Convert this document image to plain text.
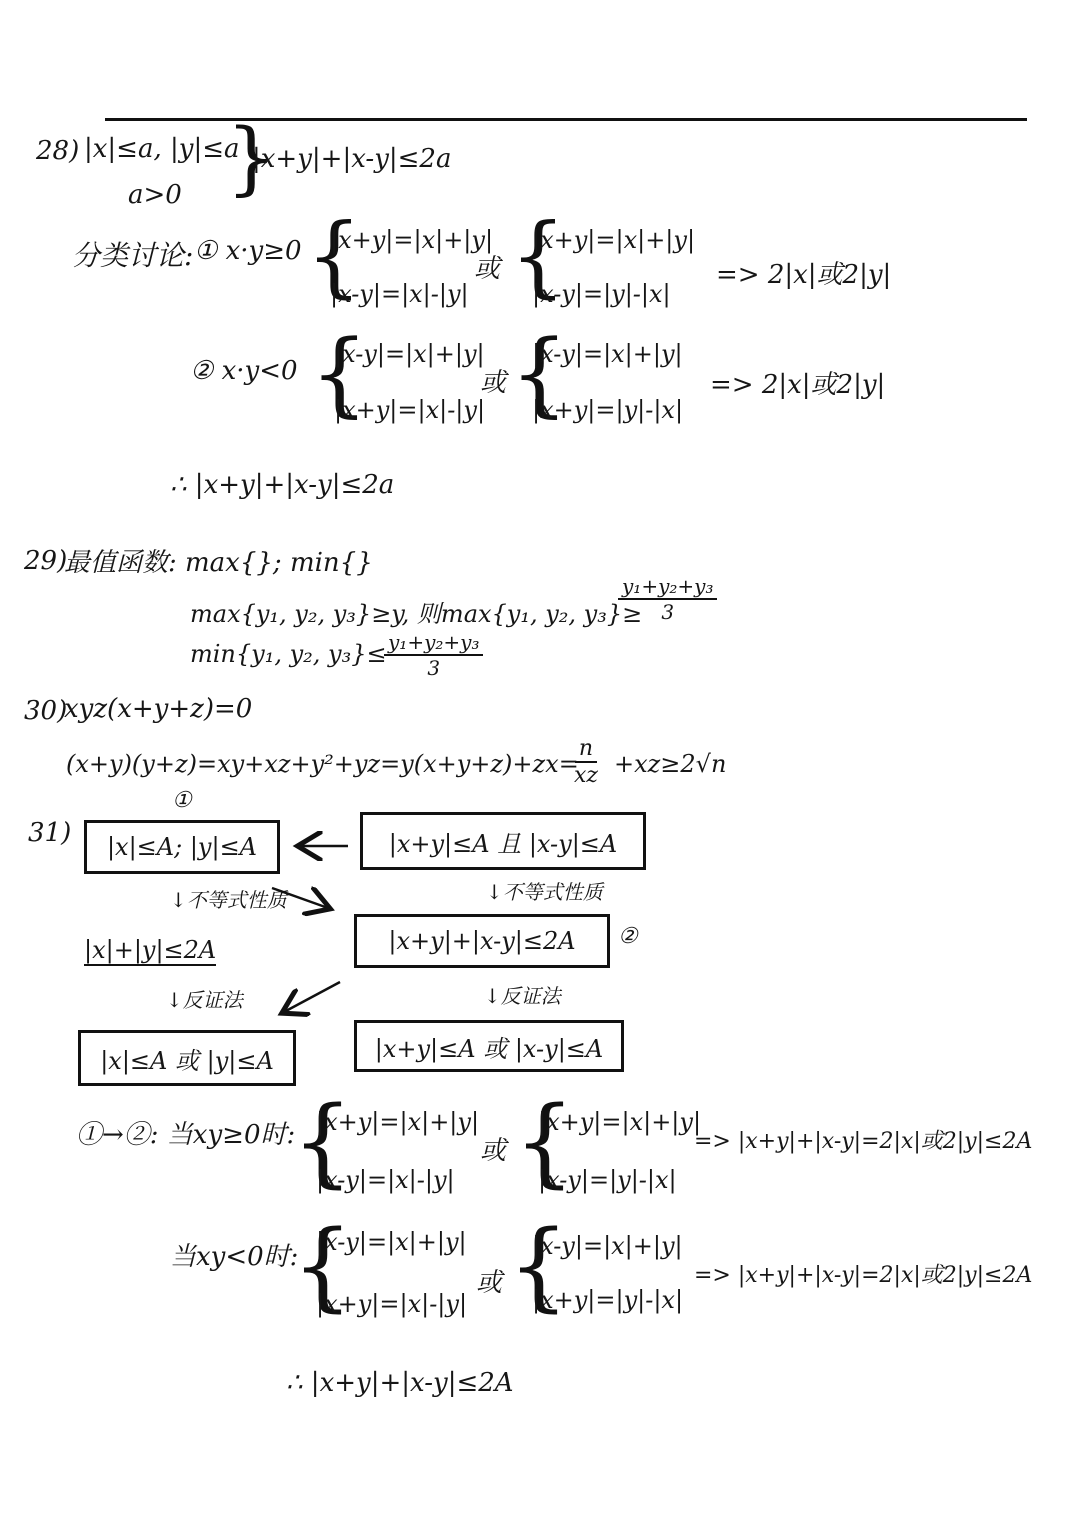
28) |x|≤a, |y|≤a
a>0 }
|x+y|+|x-y|≤2a
分类讨论: ① x·y≥0 {
|x+y|=|x|+|y|
|x-y|=|x|-|y|
或 {
|x+y|=|x|+|y|
|x-y|=|y|-|x|
=> 2|x|或2|y|
② x·y<0 {
|x-y|=|x|+|y|
|x+y|=|x|-|y|
或 {
|x-y|=|x|+|y|
|x+y|=|y|-|x|
=> 2|x|或2|y|
∴ |x+y|+|x-y|≤2a
29)
最值函数: max{}; min{}
max{y₁, y₂, y₃}≥y, 则max{y₁, y₂, y₃}≥
$\frac{\text{y₁+y₂+y₃}}{3}$
min{y₁, y₂, y₃}≤
$\frac{\text{y₁+y₂+y₃}}{3}$
30)
xyz(x+y+z)=0
(x+y)(y+z)=xy+xz+y²+yz=y(x+y+z)+zx=
$\frac{n}{xz} +xz\ge 2√n$
31)
①
|x|≤A; |y|≤A	|x+y|≤A 且 |x-y|≤A
↓不等式性质	↓不等式性质
|x|+|y|≤2A	|x+y|+|x-y|≤2A ②
↓反证法	↓反证法
|x|≤A 或 |y|≤A	|x+y|≤A 或 |x-y|≤A
①→②: 当xy≥0时:
{
|x+y|=|x|+|y|
|x-y|=|x|-|y|
或 {
|x+y|=|x|+|y|
|x-y|=|y|-|x|
=> |x+y|+|x-y|=2|x|或2|y|≤2A
当xy<0时:
{
|x-y|=|x|+|y|
|x+y|=|x|-|y|
或 {
|x-y|=|x|+|y|
|x+y|=|y|-|x|
=> |x+y|+|x-y|=2|x|或2|y|≤2A
∴ |x+y|+|x-y|≤2A
